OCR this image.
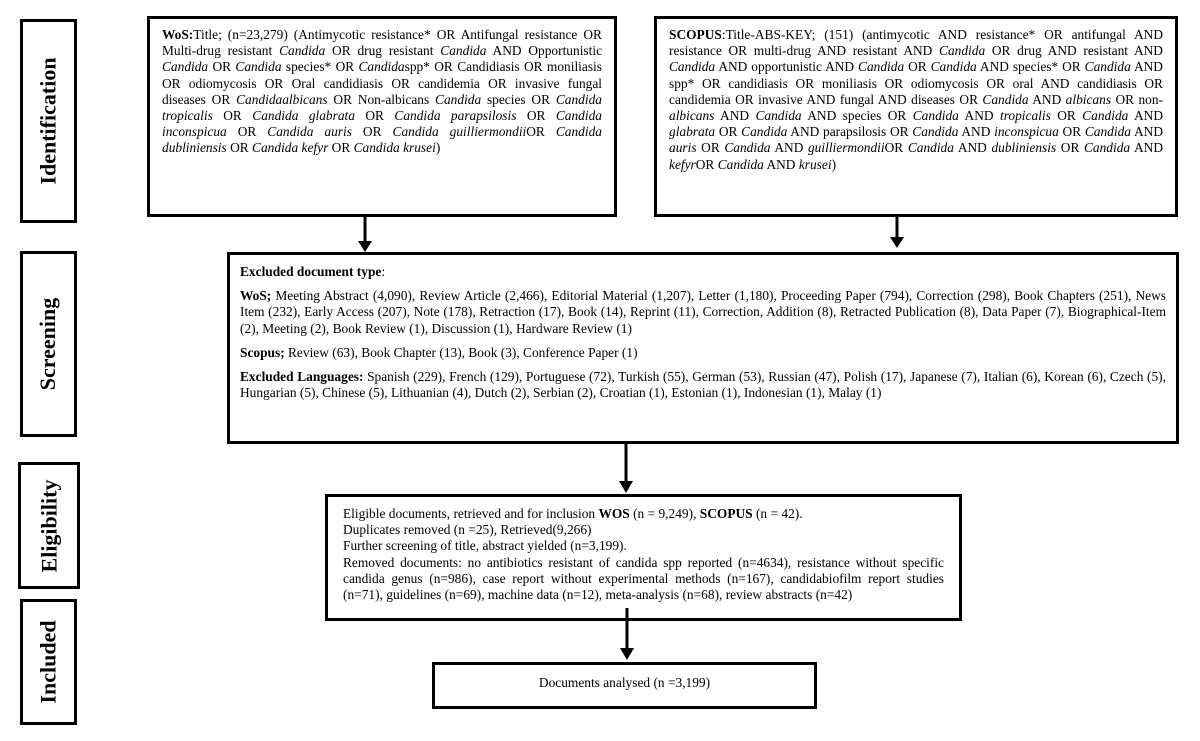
Identification
Screening
Eligibility
Included

WoS:Title; (n=23,279) (Antimycotic resistance* OR Antifungal resistance OR Multi-drug resistant Candida OR drug resistant Candida AND Opportunistic Candida OR Candida species* OR Candidaspp* OR Candidiasis OR moniliasis OR odiomycosis OR Oral candidiasis OR candidemia OR invasive fungal diseases OR Candidaalbicans OR Non-albicans Candida species OR Candida tropicalis OR Candida glabrata OR Candida parapsilosis OR Candida inconspicua OR Candida auris OR Candida guilliermondiiOR Candida dubliniensis OR Candida kefyr OR Candida krusei)

SCOPUS:Title-ABS-KEY; (151) (antimycotic AND resistance* OR antifungal AND resistance OR multi-drug AND resistant AND Candida OR drug AND resistant AND Candida AND opportunistic AND Candida OR Candida AND species* OR Candida AND spp* OR candidiasis OR moniliasis OR odiomycosis OR oral AND candidiasis OR candidemia OR invasive AND fungal AND diseases OR Candida AND albicans OR non-albicans AND Candida AND species OR Candida AND tropicalis OR Candida AND glabrata OR Candida AND parapsilosis OR Candida AND inconspicua OR Candida AND auris OR Candida AND guilliermondiiOR Candida AND dubliniensis OR Candida AND kefyrOR Candida AND krusei)

Excluded document type:

WoS; Meeting Abstract (4,090), Review Article (2,466), Editorial Material (1,207), Letter (1,180), Proceeding Paper (794), Correction (298), Book Chapters (251), News Item (232), Early Access (207), Note (178), Retraction (17), Book (14), Reprint (11), Correction, Addition (8), Retracted Publication (8), Data Paper (7), Biographical-Item (2), Meeting (2), Book Review (1), Discussion (1), Hardware Review (1)

Scopus; Review (63), Book Chapter (13), Book (3), Conference Paper (1)

Excluded Languages: Spanish (229), French (129), Portuguese (72), Turkish (55), German (53), Russian (47), Polish (17), Japanese (7), Italian (6), Korean (6), Czech (5), Hungarian (5), Chinese (5), Lithuanian (4), Dutch (2), Serbian (2), Croatian (1), Estonian (1), Indonesian (1), Malay (1)

Eligible documents, retrieved and for inclusion WOS (n = 9,249), SCOPUS (n = 42).

Duplicates removed (n =25), Retrieved(9,266)

Further screening of title, abstract yielded (n=3,199).

Removed documents: no antibiotics resistant of candida spp reported (n=4634), resistance without specific candida genus (n=986), case report without experimental methods (n=167), candidabiofilm report studies (n=71), guidelines (n=69), machine data (n=12), meta-analysis (n=68), review abstracts (n=42)

Documents analysed (n =3,199)
